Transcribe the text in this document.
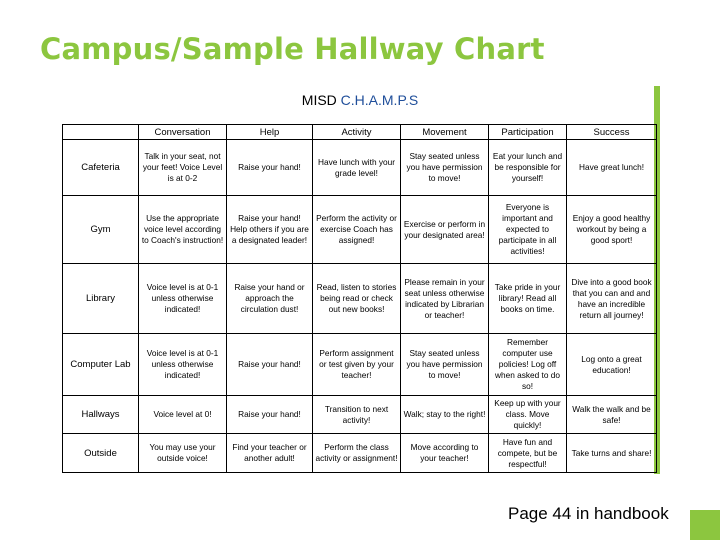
Campus/Sample Hallway Chart
MISD C.H.A.M.P.S
	Conversation	Help	Activity	Movement	Participation	Success
Cafeteria	Talk in your seat, not your feet! Voice Level is at 0-2	Raise your hand!	Have lunch with your grade level!	Stay seated unless you have permission to move!	Eat your lunch and be responsible for yourself!	Have great lunch!
Gym	Use the appropriate voice level according to Coach's instruction!	Raise your hand! Help others if you are a designated leader!	Perform the activity or exercise Coach has assigned!	Exercise or perform in your designated area!	Everyone is important and expected to participate in all activities!	Enjoy a good healthy workout by being a good sport!
Library	Voice level is at 0-1 unless otherwise indicated!	Raise your hand or approach the circulation dust!	Read, listen to stories being read or check out new books!	Please remain in your seat unless otherwise indicated by Librarian or teacher!	Take pride in your library! Read all books on time.	Dive into a good book that you can and and have an incredible return all journey!
Computer Lab	Voice level is at 0-1 unless otherwise indicated!	Raise your hand!	Perform assignment or test given by your teacher!	Stay seated unless you have permission to move!	Remember computer use policies! Log off when asked to do so!	Log onto a great education!
Hallways	Voice level at 0!	Raise your hand!	Transition to next activity!	Walk; stay to the right!	Keep up with your class. Move quickly!	Walk the walk and be safe!
Outside	You may use your outside voice!	Find your teacher or another adult!	Perform the class activity or assignment!	Move according to your teacher!	Have fun and compete, but be respectful!	Take turns and share!
Page 44 in handbook
